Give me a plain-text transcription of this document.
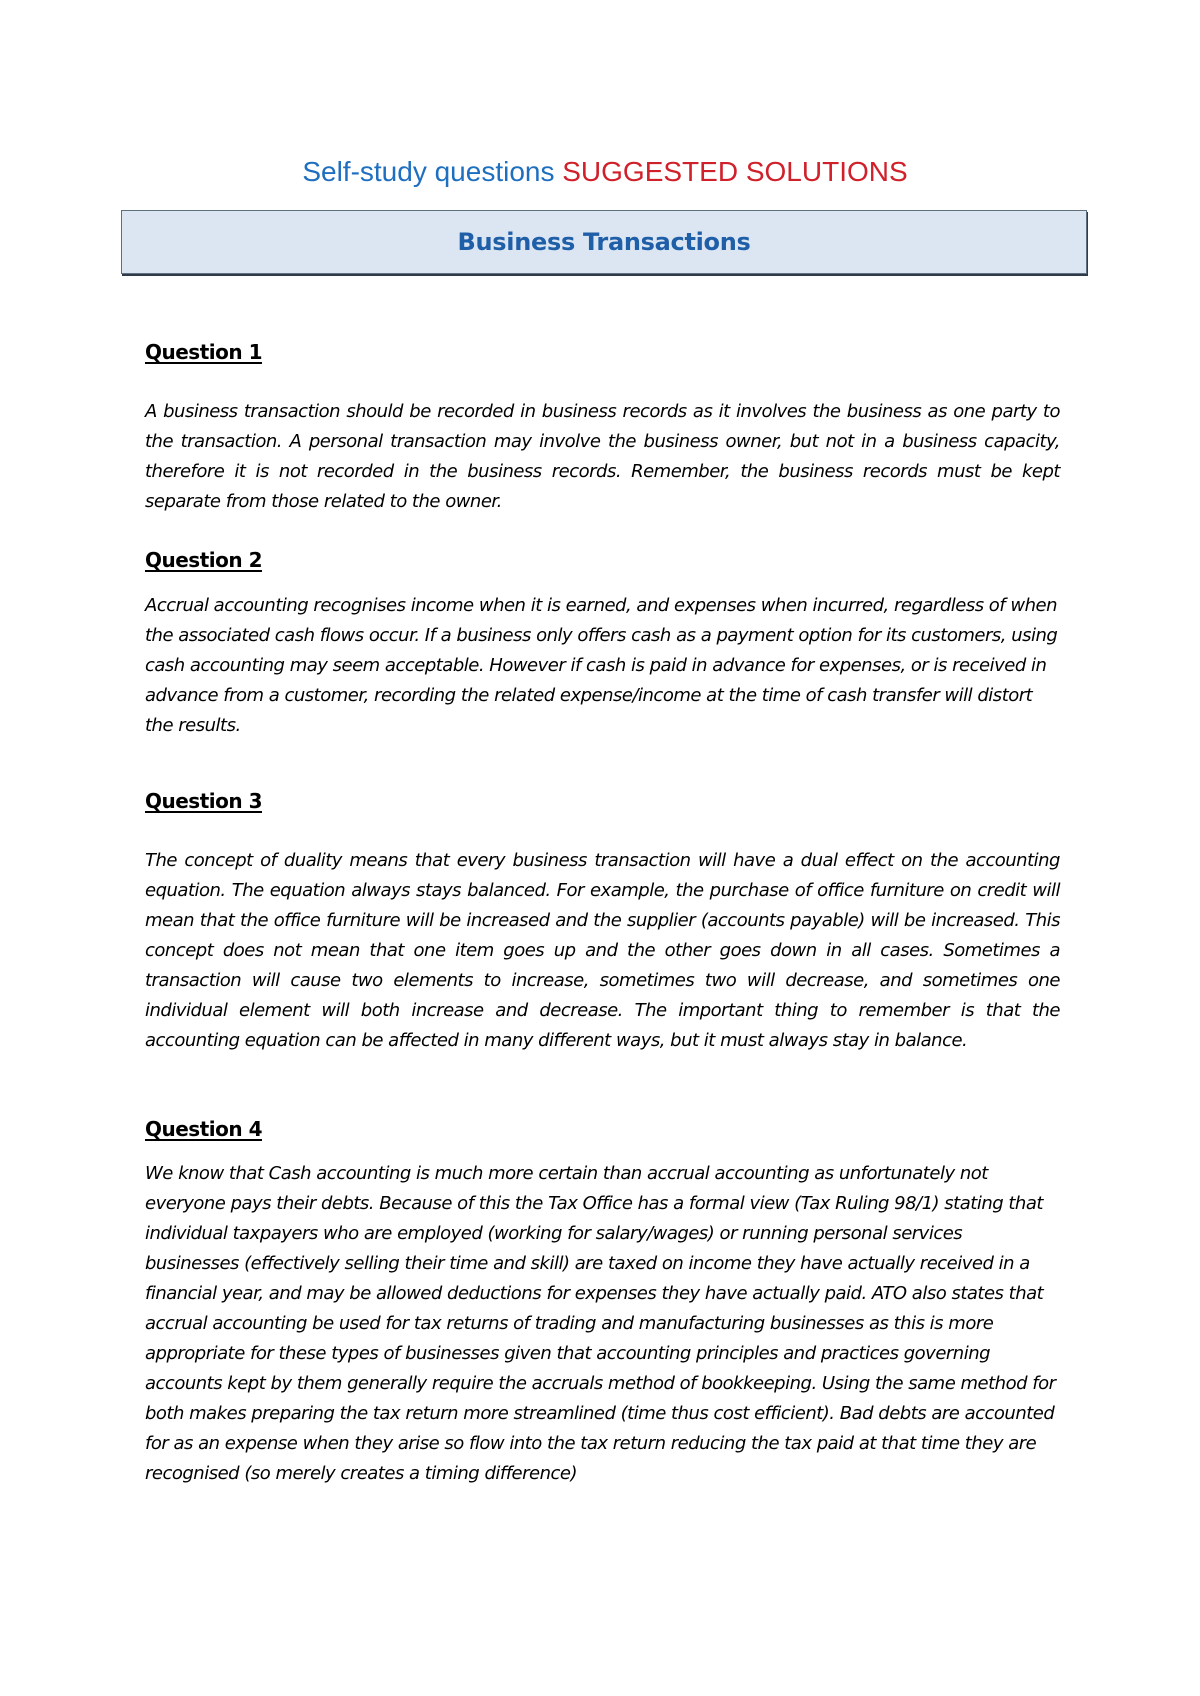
Self-study questions SUGGESTED SOLUTIONS
Business Transactions
Question 1

A business transaction should be recorded in business records as it involves the business as one party to the transaction. A personal transaction may involve the business owner, but not in a business capacity, therefore it is not recorded in the business records. Remember, the business records must be kept separate from those related to the owner.

Question 2

Accrual accounting recognises income when it is earned, and expenses when incurred, regardless of when the associated cash flows occur. If a business only offers cash as a payment option for its customers, using cash accounting may seem acceptable. However if cash is paid in advance for expenses, or is received in advance from a customer, recording the related expense/income at the time of cash transfer will distort the results.

Question 3

The concept of duality means that every business transaction will have a dual effect on the accounting equation. The equation always stays balanced. For example, the purchase of office furniture on credit will mean that the office furniture will be increased and the supplier (accounts payable) will be increased. This concept does not mean that one item goes up and the other goes down in all cases. Sometimes a transaction will cause two elements to increase, sometimes two will decrease, and sometimes one individual element will both increase and decrease. The important thing to remember is that the accounting equation can be affected in many different ways, but it must always stay in balance.

Question 4

We know that Cash accounting is much more certain than accrual accounting as unfortunately not everyone pays their debts. Because of this the Tax Office has a formal view (Tax Ruling 98/1) stating that individual taxpayers who are employed (working for salary/wages) or running personal services businesses (effectively selling their time and skill) are taxed on income they have actually received in a financial year, and may be allowed deductions for expenses they have actually paid. ATO also states that accrual accounting be used for tax returns of trading and manufacturing businesses as this is more appropriate for these types of businesses given that accounting principles and practices governing accounts kept by them generally require the accruals method of bookkeeping. Using the same method for both makes preparing the tax return more streamlined (time thus cost efficient). Bad debts are accounted for as an expense when they arise so flow into the tax return reducing the tax paid at that time they are recognised (so merely creates a timing difference)
